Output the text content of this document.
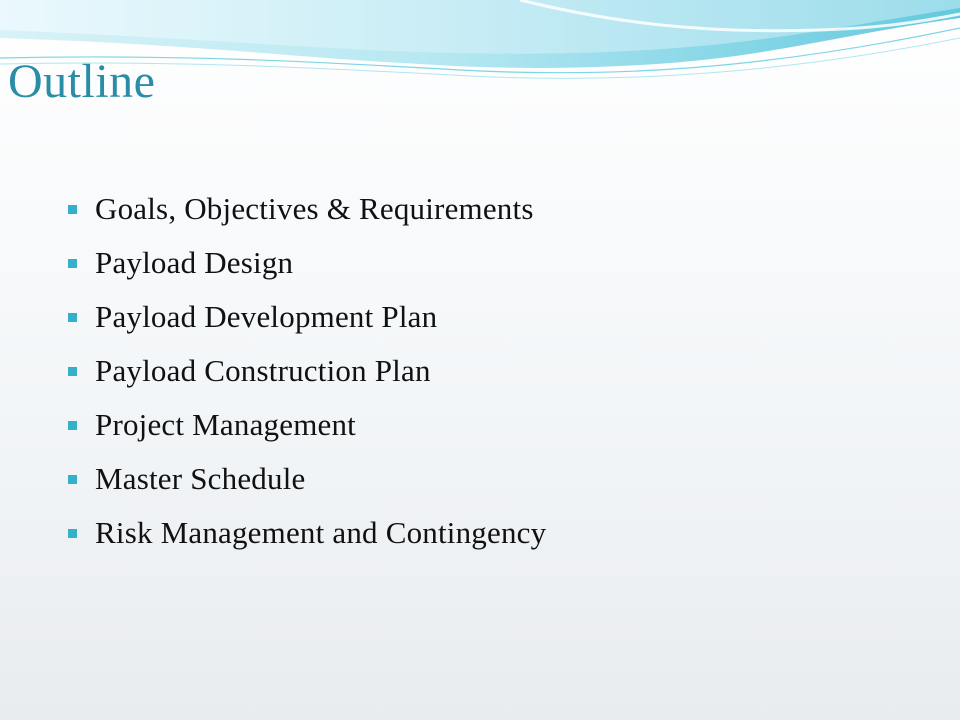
Outline
Goals, Objectives & Requirements
Payload Design
Payload Development Plan
Payload Construction Plan
Project Management
Master Schedule
Risk Management and Contingency
